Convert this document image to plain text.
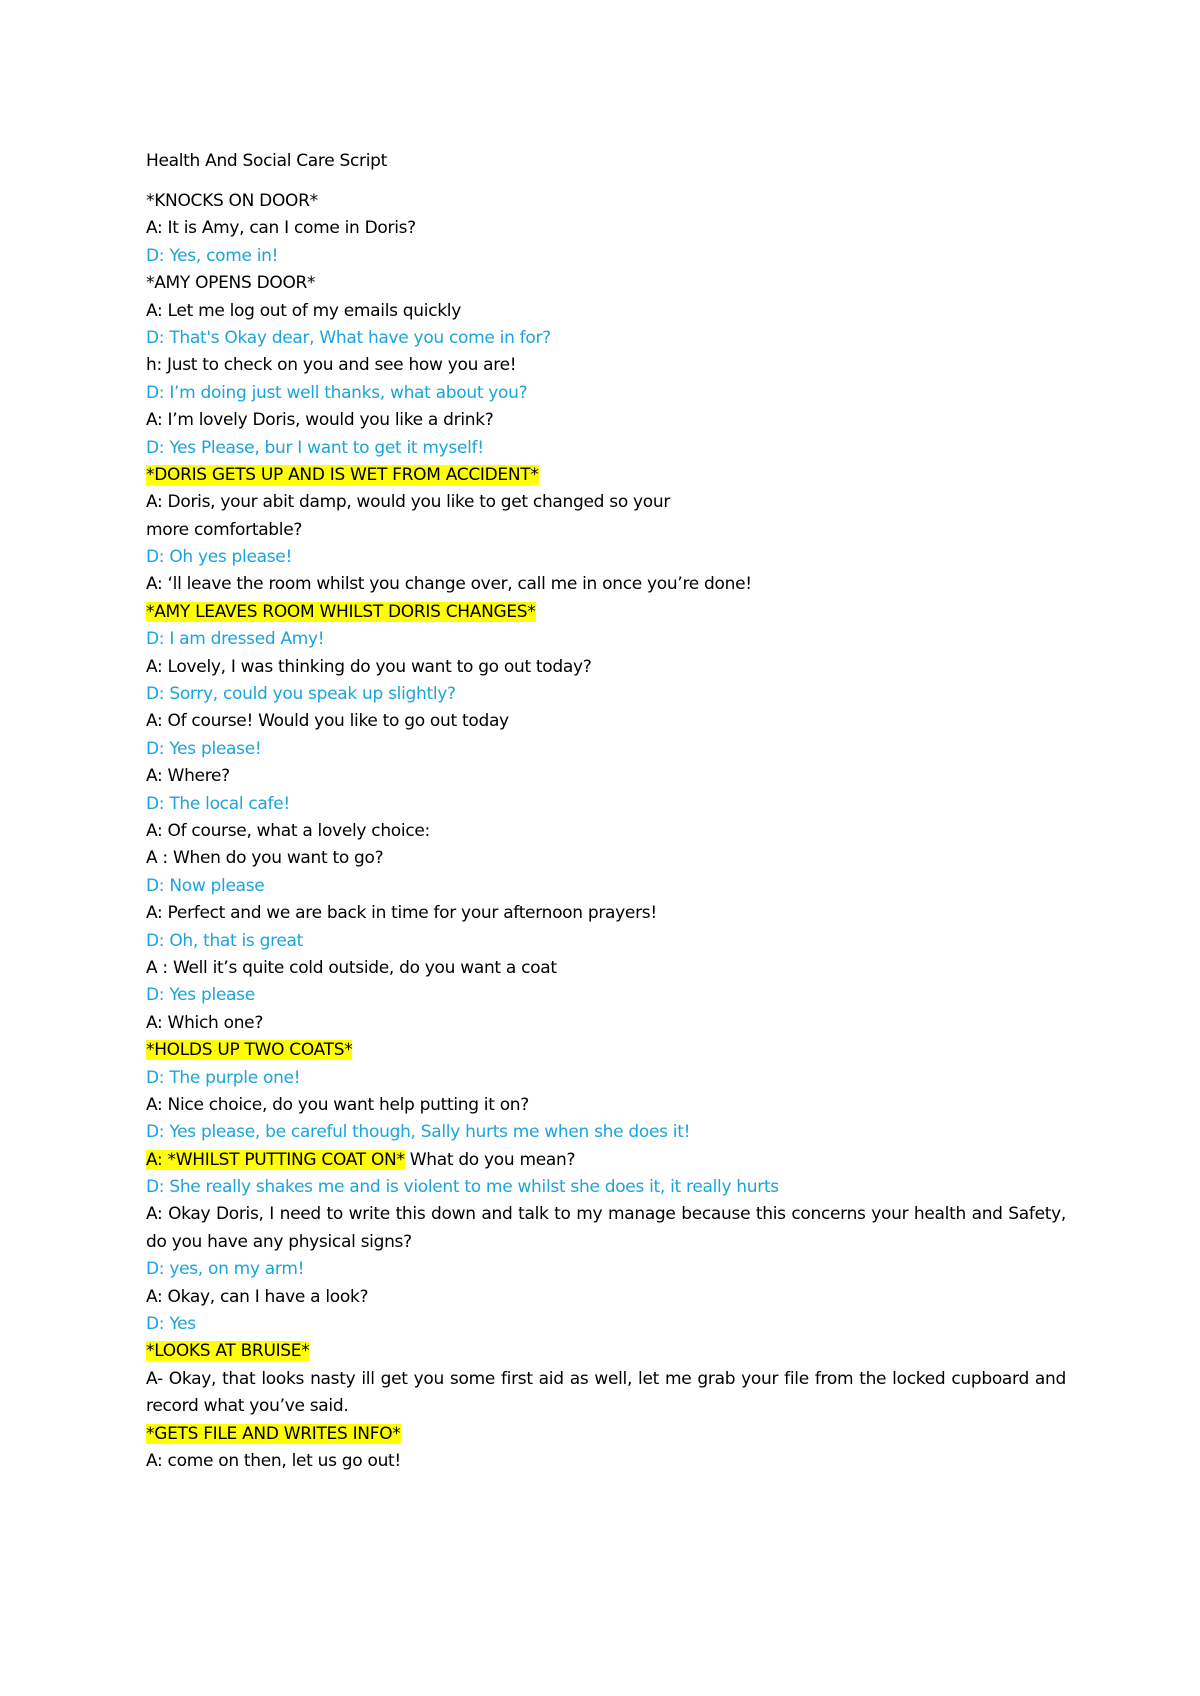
Health And Social Care Script
*KNOCKS ON DOOR*
A: It is Amy, can I come in Doris?
D: Yes, come in!
*AMY OPENS DOOR*
A: Let me log out of my emails quickly
D: That's Okay dear, What have you come in for?
h: Just to check on you and see how you are!
D: I’m doing just well thanks, what about you?
A: I’m lovely Doris, would you like a drink?
D: Yes Please, bur I want to get it myself!
*DORIS GETS UP AND IS WET FROM ACCIDENT*
A: Doris, your abit damp, would you like to get changed so your
more comfortable?
D: Oh yes please!
A: ‘ll leave the room whilst you change over, call me in once you’re done!
*AMY LEAVES ROOM WHILST DORIS CHANGES*
D: I am dressed Amy!
A: Lovely, I was thinking do you want to go out today?
D: Sorry, could you speak up slightly?
A: Of course! Would you like to go out today
D: Yes please!
A: Where?
D: The local cafe!
A: Of course, what a lovely choice:
A : When do you want to go?
D: Now please
A: Perfect and we are back in time for your afternoon prayers!
D: Oh, that is great
A : Well it’s quite cold outside, do you want a coat
D: Yes please
A: Which one?
*HOLDS UP TWO COATS*
D: The purple one!
A: Nice choice, do you want help putting it on?
D: Yes please, be careful though, Sally hurts me when she does it!
A: *WHILST PUTTING COAT ON* What do you mean?
D: She really shakes me and is violent to me whilst she does it, it really hurts
A: Okay Doris, I need to write this down and talk to my manage because this concerns your health and Safety, do you have any physical signs?
D: yes, on my arm!
A: Okay, can I have a look?
D: Yes
*LOOKS AT BRUISE*
A- Okay, that looks nasty ill get you some first aid as well, let me grab your file from the locked cupboard and record what you’ve said.
*GETS FILE AND WRITES INFO*
A: come on then, let us go out!
